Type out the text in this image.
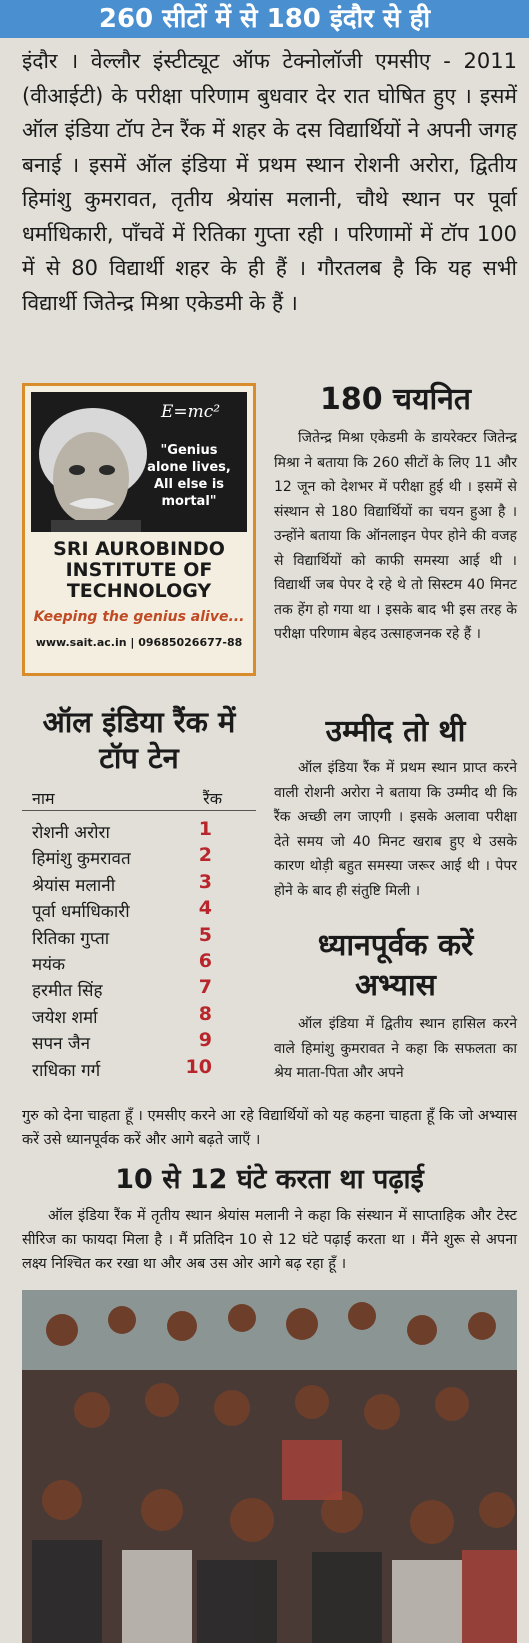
260 सीटों में से 180 इंदौर से ही
इंदौर । वेल्लौर इंस्टीट्यूट ऑफ टेक्नोलॉजी एमसीए - 2011 (वीआईटी) के परीक्षा परिणाम बुधवार देर रात घोषित हुए । इसमें ऑल इंडिया टॉप टेन रैंक में शहर के दस विद्यार्थियों ने अपनी जगह बनाई । इसमें ऑल इंडिया में प्रथम स्थान रोशनी अरोरा, द्वितीय हिमांशु कुमरावत, तृतीय श्रेयांस मलानी, चौथे स्थान पर पूर्वा धर्माधिकारी, पाँचवें में रितिका गुप्ता रही । परिणामों में टॉप 100 में से 80 विद्यार्थी शहर के ही हैं । गौरतलब है कि यह सभी विद्यार्थी जितेन्द्र मिश्रा एकेडमी के हैं ।
E=mc²
"Genius alone lives, All else is mortal"
SRI AUROBINDO INSTITUTE OF TECHNOLOGY
Keeping the genius alive...
www.sait.ac.in | 09685026677-88
ऑल इंडिया रैंक में टॉप टेन
नाम	रैंक
रोशनी अरोरा	1
हिमांशु कुमरावत	2
श्रेयांस मलानी	3
पूर्वा धर्माधिकारी	4
रितिका गुप्ता	5
मयंक	6
हरमीत सिंह	7
जयेश शर्मा	8
सपन जैन	9
राधिका गर्ग	10
180 चयनित

जितेन्द्र मिश्रा एकेडमी के डायरेक्टर जितेन्द्र मिश्रा ने बताया कि 260 सीटों के लिए 11 और 12 जून को देशभर में परीक्षा हुई थी । इसमें से संस्थान से 180 विद्यार्थियों का चयन हुआ है । उन्होंने बताया कि ऑनलाइन पेपर होने की वजह से विद्यार्थियों को काफी समस्या आई थी । विद्यार्थी जब पेपर दे रहे थे तो सिस्टम 40 मिनट तक हेंग हो गया था । इसके बाद भी इस तरह के परीक्षा परिणाम बेहद उत्साहजनक रहे हैं ।

उम्मीद तो थी

ऑल इंडिया रैंक में प्रथम स्थान प्राप्त करने वाली रोशनी अरोरा ने बताया कि उम्मीद थी कि रैंक अच्छी लग जाएगी । इसके अलावा परीक्षा देते समय जो 40 मिनट खराब हुए थे उसके कारण थोड़ी बहुत समस्या जरूर आई थी । पेपर होने के बाद ही संतुष्टि मिली ।

ध्यानपूर्वक करें अभ्यास

ऑल इंडिया में द्वितीय स्थान हासिल करने वाले हिमांशु कुमरावत ने कहा कि सफलता का श्रेय माता-पिता और अपने

गुरु को देना चाहता हूँ । एमसीए करने आ रहे विद्यार्थियों को यह कहना चाहता हूँ कि जो अभ्यास करें उसे ध्यानपूर्वक करें और आगे बढ़ते जाएँ ।

10 से 12 घंटे करता था पढ़ाई

ऑल इंडिया रैंक में तृतीय स्थान श्रेयांस मलानी ने कहा कि संस्थान में साप्ताहिक और टेस्ट सीरिज का फायदा मिला है । मैं प्रतिदिन 10 से 12 घंटे पढ़ाई करता था । मैंने शुरू से अपना लक्ष्य निश्चित कर रखा था और अब उस ओर आगे बढ़ रहा हूँ ।
